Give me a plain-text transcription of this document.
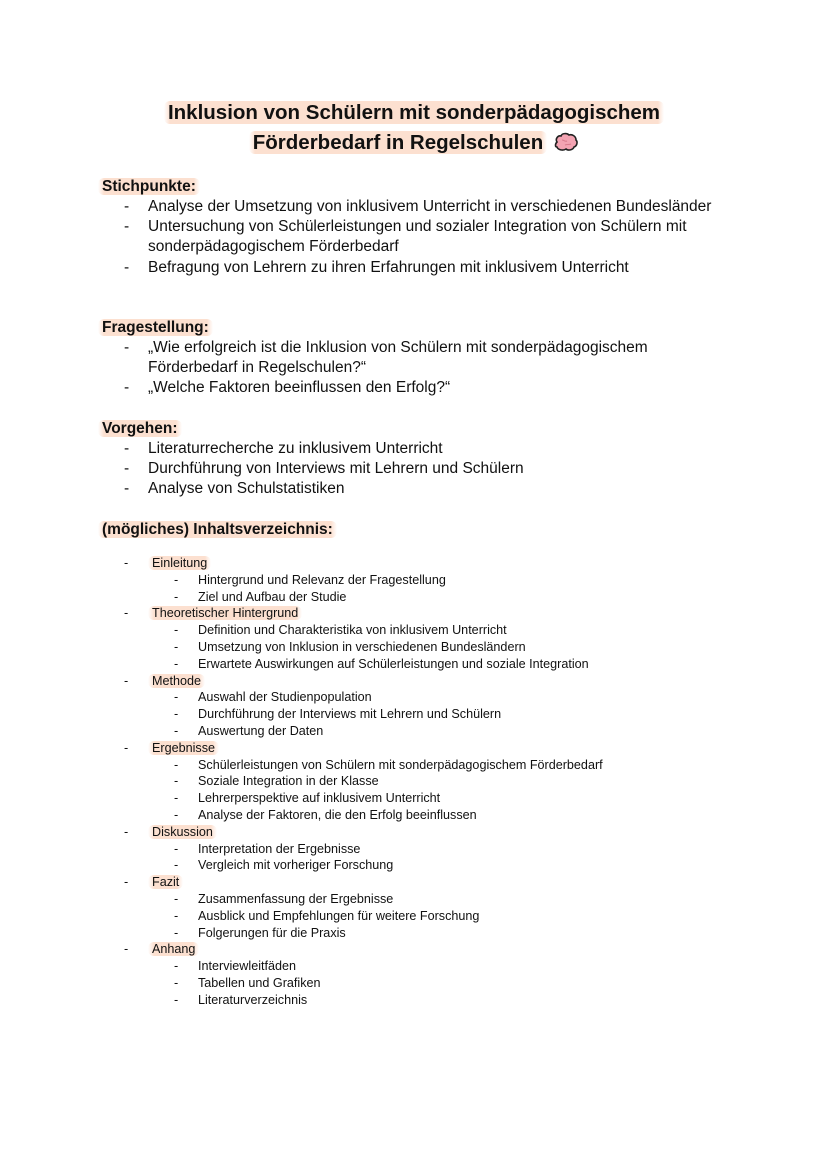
Inklusion von Schülern mit sonderpädagogischem
Förderbedarf in Regelschulen
Stichpunkte:
- Analyse der Umsetzung von inklusivem Unterricht in verschiedenen Bundesländer
- Untersuchung von Schülerleistungen und sozialer Integration von Schülern mit sonderpädagogischem Förderbedarf
- Befragung von Lehrern zu ihren Erfahrungen mit inklusivem Unterricht
Fragestellung:
- „Wie erfolgreich ist die Inklusion von Schülern mit sonderpädagogischem Förderbedarf in Regelschulen?“
- „Welche Faktoren beeinflussen den Erfolg?“
Vorgehen:
- Literaturrecherche zu inklusivem Unterricht
- Durchführung von Interviews mit Lehrern und Schülern
- Analyse von Schulstatistiken
(mögliches) Inhaltsverzeichnis:
- Einleitung
- Hintergrund und Relevanz der Fragestellung
- Ziel und Aufbau der Studie
- Theoretischer Hintergrund
- Definition und Charakteristika von inklusivem Unterricht
- Umsetzung von Inklusion in verschiedenen Bundesländern
- Erwartete Auswirkungen auf Schülerleistungen und soziale Integration
- Methode
- Auswahl der Studienpopulation
- Durchführung der Interviews mit Lehrern und Schülern
- Auswertung der Daten
- Ergebnisse
- Schülerleistungen von Schülern mit sonderpädagogischem Förderbedarf
- Soziale Integration in der Klasse
- Lehrerperspektive auf inklusivem Unterricht
- Analyse der Faktoren, die den Erfolg beeinflussen
- Diskussion
- Interpretation der Ergebnisse
- Vergleich mit vorheriger Forschung
- Fazit
- Zusammenfassung der Ergebnisse
- Ausblick und Empfehlungen für weitere Forschung
- Folgerungen für die Praxis
- Anhang
- Interviewleitfäden
- Tabellen und Grafiken
- Literaturverzeichnis
